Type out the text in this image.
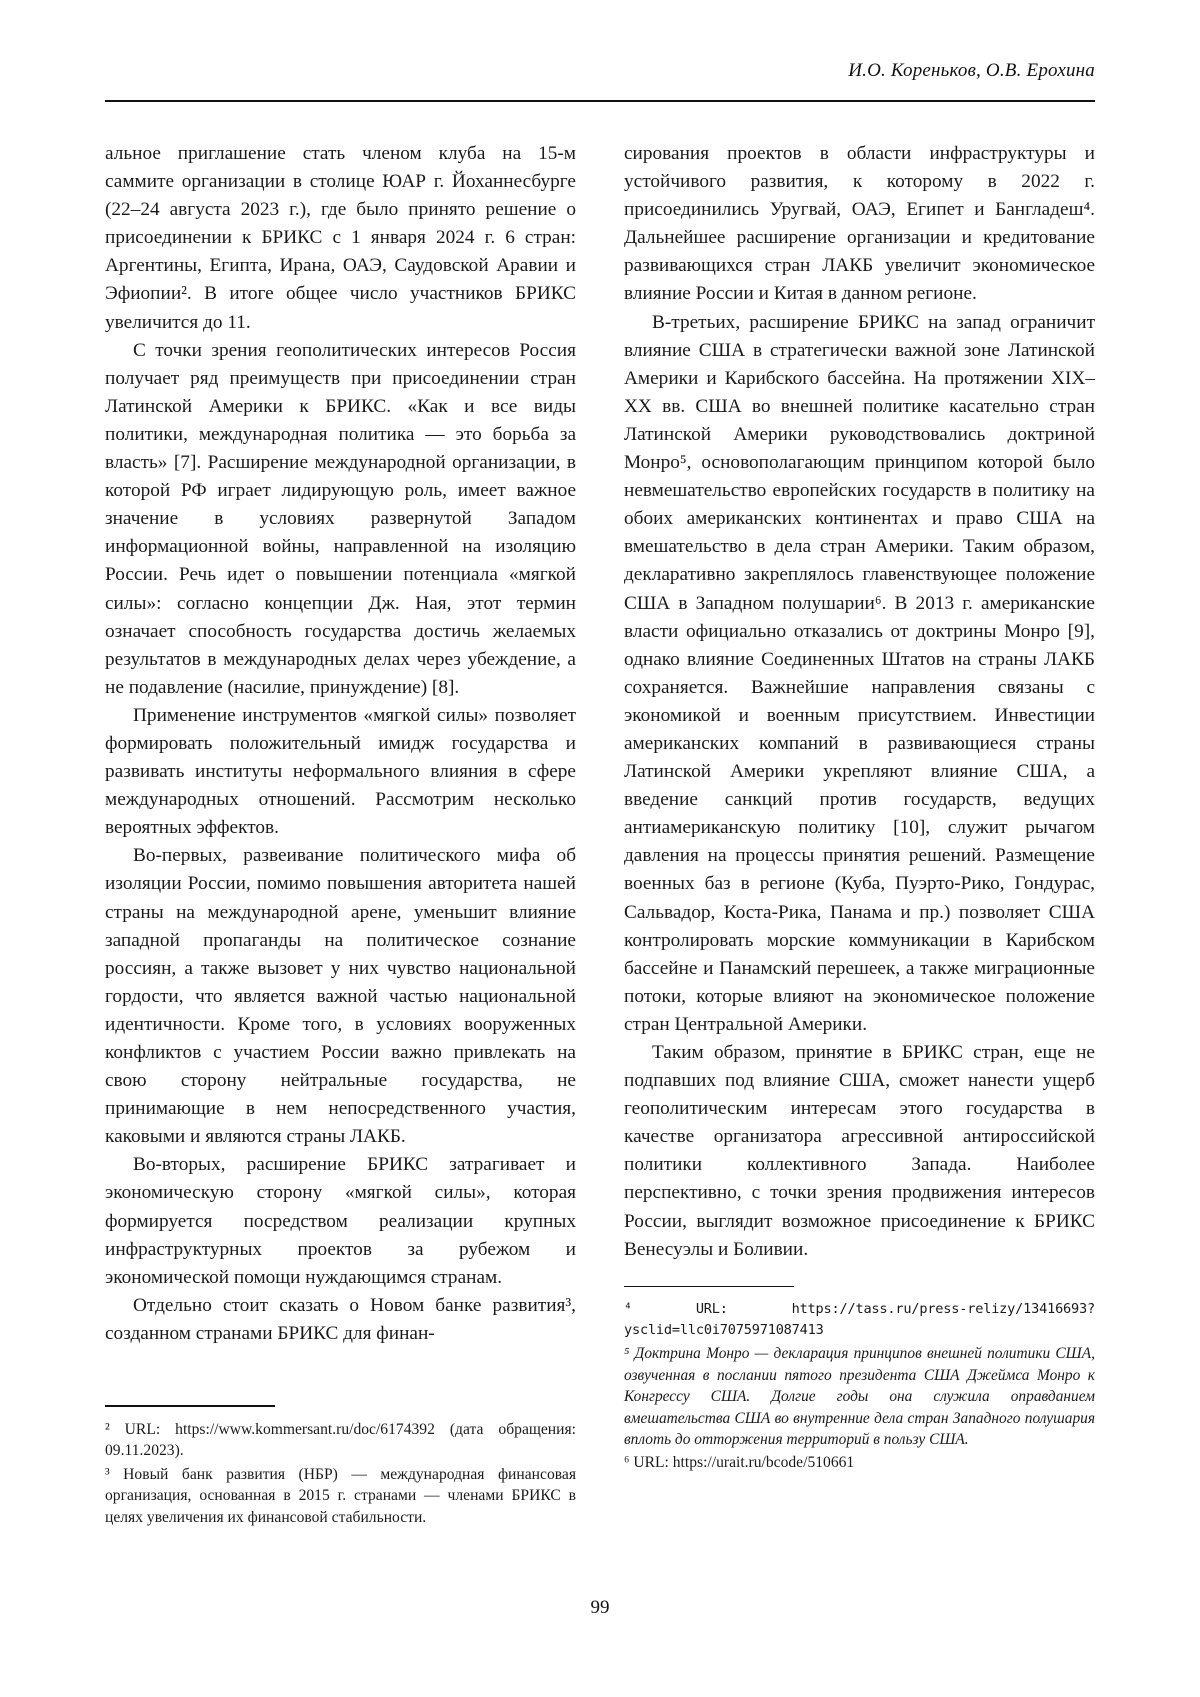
И.О. Кореньков, О.В. Ерохина

альное приглашение стать членом клуба на 15-м саммите организации в столице ЮАР г. Йоханнесбурге (22–24 августа 2023 г.), где было принято решение о присоединении к БРИКС с 1 января 2024 г. 6 стран: Аргентины, Египта, Ирана, ОАЭ, Саудовской Аравии и Эфиопии². В итоге общее число участников БРИКС увеличится до 11.

С точки зрения геополитических интересов Россия получает ряд преимуществ при присоединении стран Латинской Америки к БРИКС. «Как и все виды политики, международная политика — это борьба за власть» [7]. Расширение международной организации, в которой РФ играет лидирующую роль, имеет важное значение в условиях развернутой Западом информационной войны, направленной на изоляцию России. Речь идет о повышении потенциала «мягкой силы»: согласно концепции Дж. Ная, этот термин означает способность государства достичь желаемых результатов в международных делах через убеждение, а не подавление (насилие, принуждение) [8].

Применение инструментов «мягкой силы» позволяет формировать положительный имидж государства и развивать институты неформального влияния в сфере международных отношений. Рассмотрим несколько вероятных эффектов.

Во-первых, развеивание политического мифа об изоляции России, помимо повышения авторитета нашей страны на международной арене, уменьшит влияние западной пропаганды на политическое сознание россиян, а также вызовет у них чувство национальной гордости, что является важной частью национальной идентичности. Кроме того, в условиях вооруженных конфликтов с участием России важно привлекать на свою сторону нейтральные государства, не принимающие в нем непосредственного участия, каковыми и являются страны ЛАКБ.

Во-вторых, расширение БРИКС затрагивает и экономическую сторону «мягкой силы», которая формируется посредством реализации крупных инфраструктурных проектов за рубежом и экономической помощи нуждающимся странам.

Отдельно стоит сказать о Новом банке развития³, созданном странами БРИКС для финан-

² URL: https://www.kommersant.ru/doc/6174392 (дата обращения: 09.11.2023).

³ Новый банк развития (НБР) — международная финансовая организация, основанная в 2015 г. странами — членами БРИКС в целях увеличения их финансовой стабильности.

сирования проектов в области инфраструктуры и устойчивого развития, к которому в 2022 г. присоединились Уругвай, ОАЭ, Египет и Бангладеш⁴. Дальнейшее расширение организации и кредитование развивающихся стран ЛАКБ увеличит экономическое влияние России и Китая в данном регионе.

В-третьих, расширение БРИКС на запад ограничит влияние США в стратегически важной зоне Латинской Америки и Карибского бассейна. На протяжении XIX–XX вв. США во внешней политике касательно стран Латинской Америки руководствовались доктриной Монро⁵, основополагающим принципом которой было невмешательство европейских государств в политику на обоих американских континентах и право США на вмешательство в дела стран Америки. Таким образом, декларативно закреплялось главенствующее положение США в Западном полушарии⁶. В 2013 г. американские власти официально отказались от доктрины Монро [9], однако влияние Соединенных Штатов на страны ЛАКБ сохраняется. Важнейшие направления связаны с экономикой и военным присутствием. Инвестиции американских компаний в развивающиеся страны Латинской Америки укрепляют влияние США, а введение санкций против государств, ведущих антиамериканскую политику [10], служит рычагом давления на процессы принятия решений. Размещение военных баз в регионе (Куба, Пуэрто-Рико, Гондурас, Сальвадор, Коста-Рика, Панама и пр.) позволяет США контролировать морские коммуникации в Карибском бассейне и Панамский перешеек, а также миграционные потоки, которые влияют на экономическое положение стран Центральной Америки.

Таким образом, принятие в БРИКС стран, еще не подпавших под влияние США, сможет нанести ущерб геополитическим интересам этого государства в качестве организатора агрессивной антироссийской политики коллективного Запада. Наиболее перспективно, с точки зрения продвижения интересов России, выглядит возможное присоединение к БРИКС Венесуэлы и Боливии.

⁴ URL: https://tass.ru/press-relizy/13416693?ysclid=llc0i7075971087413

⁵ Доктрина Монро — декларация принципов внешней политики США, озвученная в послании пятого президента США Джеймса Монро к Конгрессу США. Долгие годы она служила оправданием вмешательства США во внутренние дела стран Западного полушария вплоть до отторжения территорий в пользу США.

⁶ URL: https://urait.ru/bcode/510661

99
